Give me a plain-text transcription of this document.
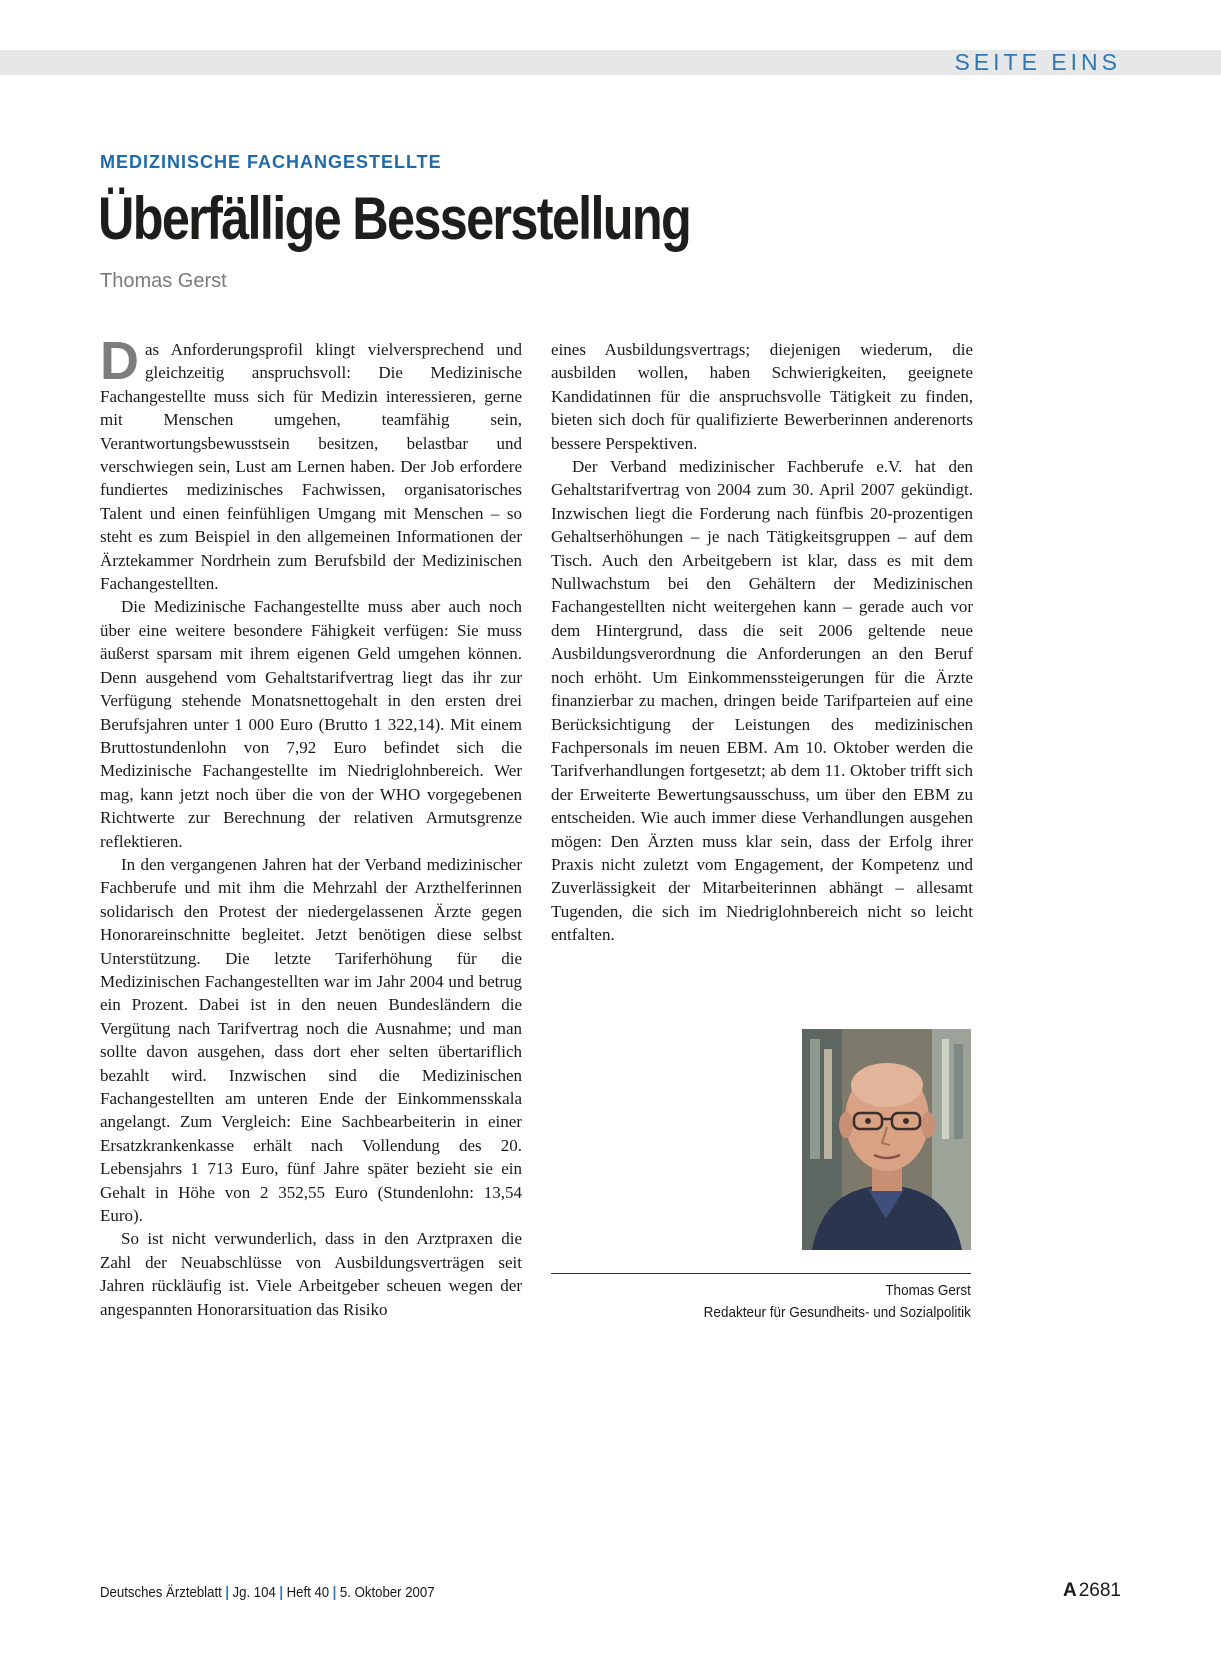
SEITE EINS
MEDIZINISCHE FACHANGESTELLTE
Überfällige Besserstellung
Thomas Gerst

Das Anforderungsprofil klingt vielversprechend und gleichzeitig anspruchsvoll: Die Medizinische Fachangestellte muss sich für Medizin interessieren, gerne mit Menschen umgehen, teamfähig sein, Verantwortungsbewusstsein besitzen, belastbar und verschwiegen sein, Lust am Lernen haben. Der Job erfordere fundiertes medizinisches Fachwissen, organisatorisches Talent und einen feinfühligen Umgang mit Menschen – so steht es zum Beispiel in den allgemeinen Informationen der Ärztekammer Nordrhein zum Berufsbild der Medizinischen Fachangestellten.

Die Medizinische Fachangestellte muss aber auch noch über eine weitere besondere Fähigkeit verfügen: Sie muss äußerst sparsam mit ihrem eigenen Geld umgehen können. Denn ausgehend vom Gehaltstarifvertrag liegt das ihr zur Verfügung stehende Monatsnettogehalt in den ersten drei Berufsjahren unter 1 000 Euro (Brutto 1 322,14). Mit einem Bruttostundenlohn von 7,92 Euro befindet sich die Medizinische Fachangestellte im Niedriglohnbereich. Wer mag, kann jetzt noch über die von der WHO vorgegebenen Richtwerte zur Berechnung der relativen Armutsgrenze reflektieren.

In den vergangenen Jahren hat der Verband medizinischer Fachberufe und mit ihm die Mehrzahl der Arzthelferinnen solidarisch den Protest der niedergelassenen Ärzte gegen Honorareinschnitte begleitet. Jetzt benötigen diese selbst Unterstützung. Die letzte Tariferhöhung für die Medizinischen Fachangestellten war im Jahr 2004 und betrug ein Prozent. Dabei ist in den neuen Bundesländern die Vergütung nach Tarifvertrag noch die Ausnahme; und man sollte davon ausgehen, dass dort eher selten übertariflich bezahlt wird. Inzwischen sind die Medizinischen Fachangestellten am unteren Ende der Einkommensskala angelangt. Zum Vergleich: Eine Sachbearbeiterin in einer Ersatzkrankenkasse erhält nach Vollendung des 20. Lebensjahrs 1 713 Euro, fünf Jahre später bezieht sie ein Gehalt in Höhe von 2 352,55 Euro (Stundenlohn: 13,54 Euro).

So ist nicht verwunderlich, dass in den Arztpraxen die Zahl der Neuabschlüsse von Ausbildungsverträgen seit Jahren rückläufig ist. Viele Arbeitgeber scheuen wegen der angespannten Honorarsituation das Risiko

eines Ausbildungsvertrags; diejenigen wiederum, die ausbilden wollen, haben Schwierigkeiten, geeignete Kandidatinnen für die anspruchsvolle Tätigkeit zu finden, bieten sich doch für qualifizierte Bewerberinnen anderenorts bessere Perspektiven.

Der Verband medizinischer Fachberufe e.V. hat den Gehaltstarifvertrag von 2004 zum 30. April 2007 gekündigt. Inzwischen liegt die Forderung nach fünfbis 20-prozentigen Gehaltserhöhungen – je nach Tätigkeitsgruppen – auf dem Tisch. Auch den Arbeitgebern ist klar, dass es mit dem Nullwachstum bei den Gehältern der Medizinischen Fachangestellten nicht weitergehen kann – gerade auch vor dem Hintergrund, dass die seit 2006 geltende neue Ausbildungsverordnung die Anforderungen an den Beruf noch erhöht. Um Einkommenssteigerungen für die Ärzte finanzierbar zu machen, dringen beide Tarifparteien auf eine Berücksichtigung der Leistungen des medizinischen Fachpersonals im neuen EBM. Am 10. Oktober werden die Tarifverhandlungen fortgesetzt; ab dem 11. Oktober trifft sich der Erweiterte Bewertungsausschuss, um über den EBM zu entscheiden. Wie auch immer diese Verhandlungen ausgehen mögen: Den Ärzten muss klar sein, dass der Erfolg ihrer Praxis nicht zuletzt vom Engagement, der Kompetenz und Zuverlässigkeit der Mitarbeiterinnen abhängt – allesamt Tugenden, die sich im Niedriglohnbereich nicht so leicht entfalten.

Thomas Gerst
Redakteur für Gesundheits- und Sozialpolitik
Deutsches Ärzteblatt | Jg. 104 | Heft 40 | 5. Oktober 2007	A 2681
